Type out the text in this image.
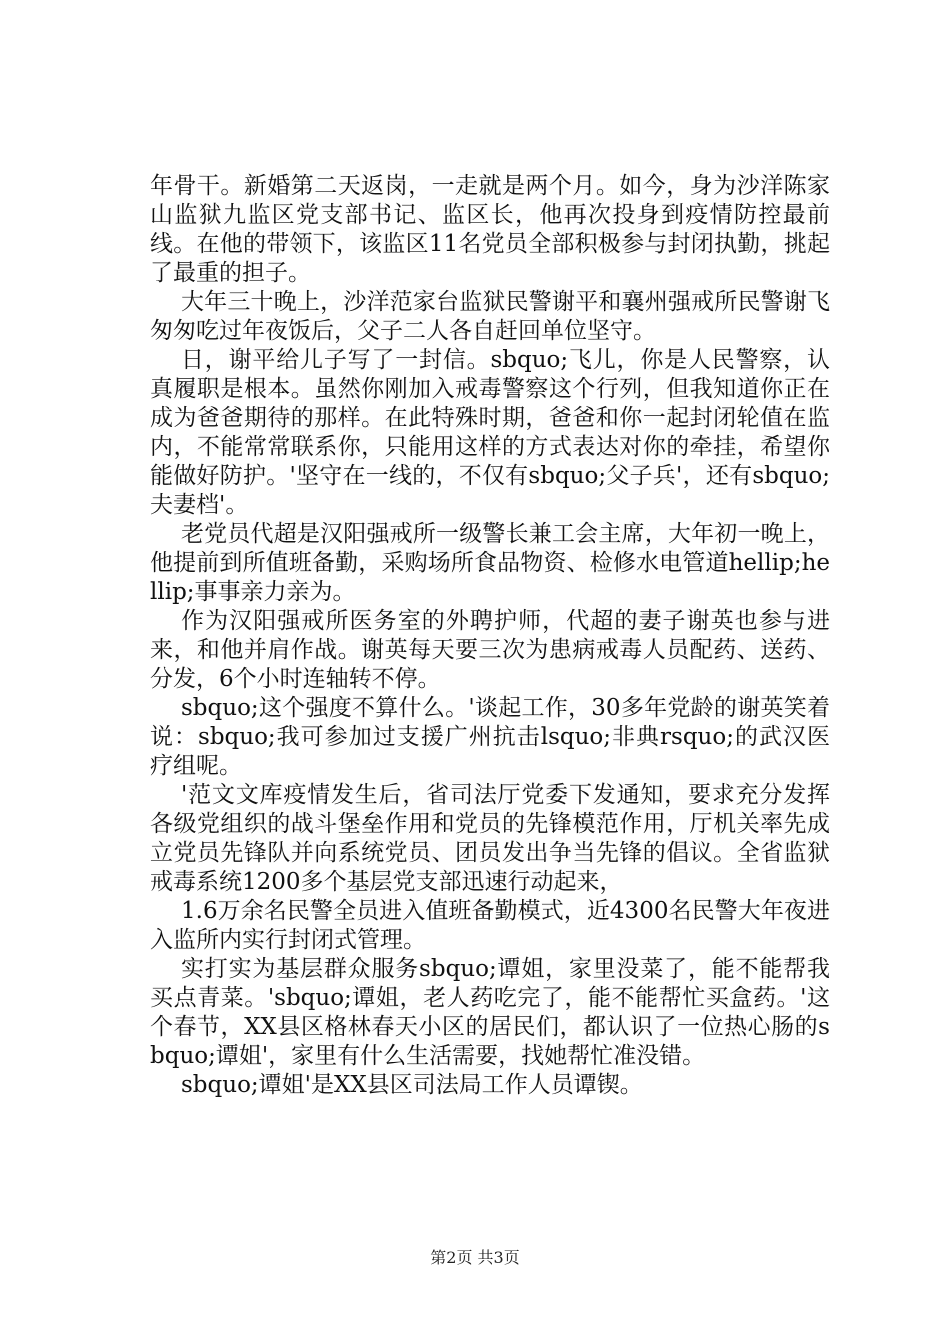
年骨干。新婚第二天返岗，一走就是两个月。如今，身为沙洋陈家山监狱九监区党支部书记、监区长，他再次投身到疫情防控最前线。在他的带领下，该监区11名党员全部积极参与封闭执勤，挑起了最重的担子。

大年三十晚上，沙洋范家台监狱民警谢平和襄州强戒所民警谢飞匆匆吃过年夜饭后，父子二人各自赶回单位坚守。

日，谢平给儿子写了一封信。sbquo;飞儿，你是人民警察，认真履职是根本。虽然你刚加入戒毒警察这个行列，但我知道你正在成为爸爸期待的那样。在此特殊时期，爸爸和你一起封闭轮值在监内，不能常常联系你，只能用这样的方式表达对你的牵挂，希望你能做好防护。'坚守在一线的，不仅有sbquo;父子兵'，还有sbquo;夫妻档'。

老党员代超是汉阳强戒所一级警长兼工会主席，大年初一晚上，他提前到所值班备勤，采购场所食品物资、检修水电管道hellip;hellip;事事亲力亲为。

作为汉阳强戒所医务室的外聘护师，代超的妻子谢英也参与进来，和他并肩作战。谢英每天要三次为患病戒毒人员配药、送药、分发，6个小时连轴转不停。

sbquo;这个强度不算什么。'谈起工作，30多年党龄的谢英笑着说：sbquo;我可参加过支援广州抗击lsquo;非典rsquo;的武汉医疗组呢。

'范文文库疫情发生后，省司法厅党委下发通知，要求充分发挥各级党组织的战斗堡垒作用和党员的先锋模范作用，厅机关率先成立党员先锋队并向系统党员、团员发出争当先锋的倡议。全省监狱戒毒系统1200多个基层党支部迅速行动起来，

1.6万余名民警全员进入值班备勤模式，近4300名民警大年夜进入监所内实行封闭式管理。

实打实为基层群众服务sbquo;谭姐，家里没菜了，能不能帮我买点青菜。'sbquo;谭姐，老人药吃完了，能不能帮忙买盒药。'这个春节，XX县区格林春天小区的居民们，都认识了一位热心肠的sbquo;谭姐'，家里有什么生活需要，找她帮忙准没错。

sbquo;谭姐'是XX县区司法局工作人员谭锲。

第2页 共3页
